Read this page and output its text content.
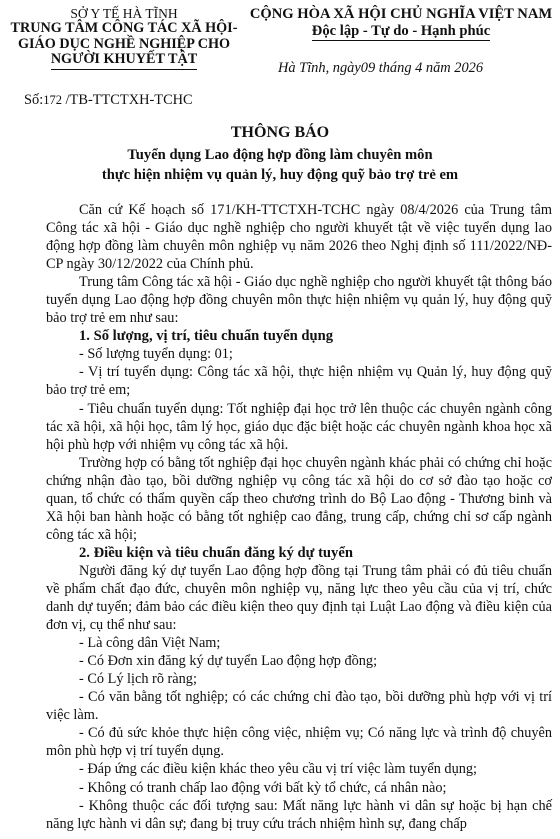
SỞ Y TẾ HÀ TĨNH
TRUNG TÂM CÔNG TÁC XÃ HỘI-
GIÁO DỤC NGHỀ NGHIỆP CHO
NGƯỜI KHUYẾT TẬT
CỘNG HÒA XÃ HỘI CHỦ NGHĨA VIỆT NAM
Độc lập - Tự do - Hạnh phúc
Hà Tĩnh, ngày09 tháng 4 năm 2026
Số:172 /TB-TTCTXH-TCHC
THÔNG BÁO
Tuyển dụng Lao động hợp đồng làm chuyên môn
thực hiện nhiệm vụ quản lý, huy động quỹ bảo trợ trẻ em

Căn cứ Kế hoạch số 171/KH-TTCTXH-TCHC ngày 08/4/2026 của Trung tâm Công tác xã hội - Giáo dục nghề nghiệp cho người khuyết tật về việc tuyển dụng lao động hợp đồng làm chuyên môn nghiệp vụ năm 2026 theo Nghị định số 111/2022/NĐ-CP ngày 30/12/2022 của Chính phủ.

Trung tâm Công tác xã hội - Giáo dục nghề nghiệp cho người khuyết tật thông báo tuyển dụng Lao động hợp đồng chuyên môn thực hiện nhiệm vụ quản lý, huy động quỹ bảo trợ trẻ em như sau:

1. Số lượng, vị trí, tiêu chuẩn tuyển dụng

- Số lượng tuyển dụng: 01;

- Vị trí tuyển dụng: Công tác xã hội, thực hiện nhiệm vụ Quản lý, huy động quỹ bảo trợ trẻ em;

- Tiêu chuẩn tuyển dụng: Tốt nghiệp đại học trở lên thuộc các chuyên ngành công tác xã hội, xã hội học, tâm lý học, giáo dục đặc biệt hoặc các chuyên ngành khoa học xã hội phù hợp với nhiệm vụ công tác xã hội.

Trường hợp có bằng tốt nghiệp đại học chuyên ngành khác phải có chứng chỉ hoặc chứng nhận đào tạo, bồi dưỡng nghiệp vụ công tác xã hội do cơ sở đào tạo hoặc cơ quan, tổ chức có thẩm quyền cấp theo chương trình do Bộ Lao động - Thương binh và Xã hội ban hành hoặc có bằng tốt nghiệp cao đẳng, trung cấp, chứng chỉ sơ cấp ngành công tác xã hội;

2. Điều kiện và tiêu chuẩn đăng ký dự tuyển

Người đăng ký dự tuyển Lao động hợp đồng tại Trung tâm phải có đủ tiêu chuẩn về phẩm chất đạo đức, chuyên môn nghiệp vụ, năng lực theo yêu cầu của vị trí, chức danh dự tuyển; đảm bảo các điều kiện theo quy định tại Luật Lao động và điều kiện của đơn vị, cụ thể như sau:

- Là công dân Việt Nam;

- Có Đơn xin đăng ký dự tuyển Lao động hợp đồng;

- Có Lý lịch rõ ràng;

- Có văn bằng tốt nghiệp; có các chứng chỉ đào tạo, bồi dưỡng phù hợp với vị trí việc làm.

- Có đủ sức khỏe thực hiện công việc, nhiệm vụ; Có năng lực và trình độ chuyên môn phù hợp vị trí tuyển dụng.

- Đáp ứng các điều kiện khác theo yêu cầu vị trí việc làm tuyển dụng;

- Không có tranh chấp lao động với bất kỳ tổ chức, cá nhân nào;

- Không thuộc các đối tượng sau: Mất năng lực hành vi dân sự hoặc bị hạn chế năng lực hành vi dân sự; đang bị truy cứu trách nhiệm hình sự, đang chấp
